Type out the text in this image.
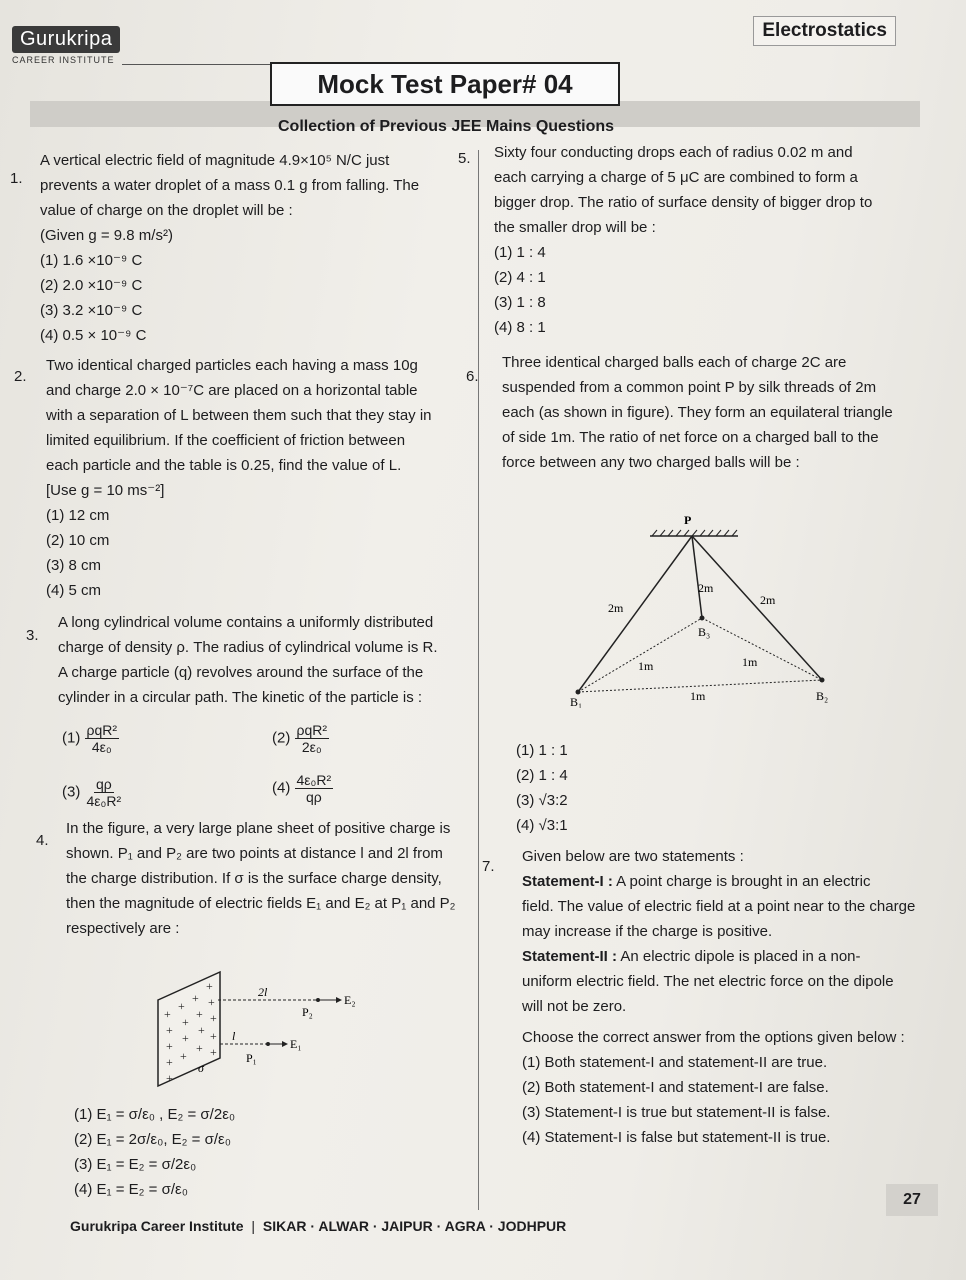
Gurukripa
CAREER INSTITUTE
Electrostatics
Mock Test Paper# 04
Collection of Previous JEE Mains Questions
1.

A vertical electric field of magnitude 4.9×10⁵ N/C just

prevents a water droplet of a mass 0.1 g from falling. The

value of charge on the droplet will be :

(Given g = 9.8 m/s²)

(1) 1.6 ×10⁻⁹ C

(2) 2.0 ×10⁻⁹ C

(3) 3.2 ×10⁻⁹ C

(4) 0.5 × 10⁻⁹ C

2.

Two identical charged particles each having a mass 10g

and charge 2.0 × 10⁻⁷C are placed on a horizontal table

with a separation of L between them such that they stay in

limited equilibrium. If the coefficient of friction between

each particle and the table is 0.25, find the value of L.

[Use g = 10 ms⁻²]

(1) 12 cm

(2) 10 cm

(3) 8 cm

(4) 5 cm

3.

A long cylindrical volume contains a uniformly distributed

charge of density ρ. The radius of cylindrical volume is R.

A charge particle (q) revolves around the surface of the

cylinder in a circular path. The kinetic of the particle is :

$(1) \frac{\text{ρqR²}}{\text{4ε₀}}$	$(2) \frac{\text{ρqR²}}{\text{2ε₀}}$
$(3) \frac{q\rho}{\text{4ε₀R²}}$	$(4) \frac{\text{4ε₀R²}}{q\rho}$
4.

In the figure, a very large plane sheet of positive charge is

shown. P₁ and P₂ are two points at distance l and 2l from

the charge distribution. If σ is the surface charge density,

then the magnitude of electric fields E₁ and E₂ at P₁ and P₂

respectively are :

+
+ +
+
+
+	+
+
+ + +
+
+ + +
+
+
+
σ
2l
P₂
E₂
l
P₁
E₁

(1) E₁ = σ/ε₀ , E₂ = σ/2ε₀

(2) E₁ = 2σ/ε₀, E₂ = σ/ε₀

(3) E₁ = E₂ = σ/2ε₀

(4) E₁ = E₂ = σ/ε₀

5. Sixty four conducting drops each of radius 0.02 m and

each carrying a charge of 5 μC are combined to form a

bigger drop. The ratio of surface density of bigger drop to

the smaller drop will be :

(1) 1 : 4

(2) 4 : 1

(3) 1 : 8

(4) 8 : 1

6.

Three identical charged balls each of charge 2C are

suspended from a common point P by silk threads of 2m

each (as shown in figure). They form an equilateral triangle

of side 1m. The ratio of net force on a charged ball to the

force between any two charged balls will be :

P
B₁	B₂
B₃
2m
2m
2m
1m	1m
1m

(1) 1 : 1

(2) 1 : 4

(3) √3:2

(4) √3:1

7.

Given below are two statements :

Statement-I : A point charge is brought in an electric

field. The value of electric field at a point near to the charge

may increase if the charge is positive.

Statement-II : An electric dipole is placed in a non-

uniform electric field. The net electric force on the dipole

will not be zero.

Choose the correct answer from the options given below :

(1) Both statement-I and statement-II are true.

(2) Both statement-I and statement-I are false.

(3) Statement-I is true but statement-II is false.

(4) Statement-I is false but statement-II is true.

Gurukripa Career Institute | SIKAR · ALWAR · JAIPUR · AGRA · JODHPUR
27
